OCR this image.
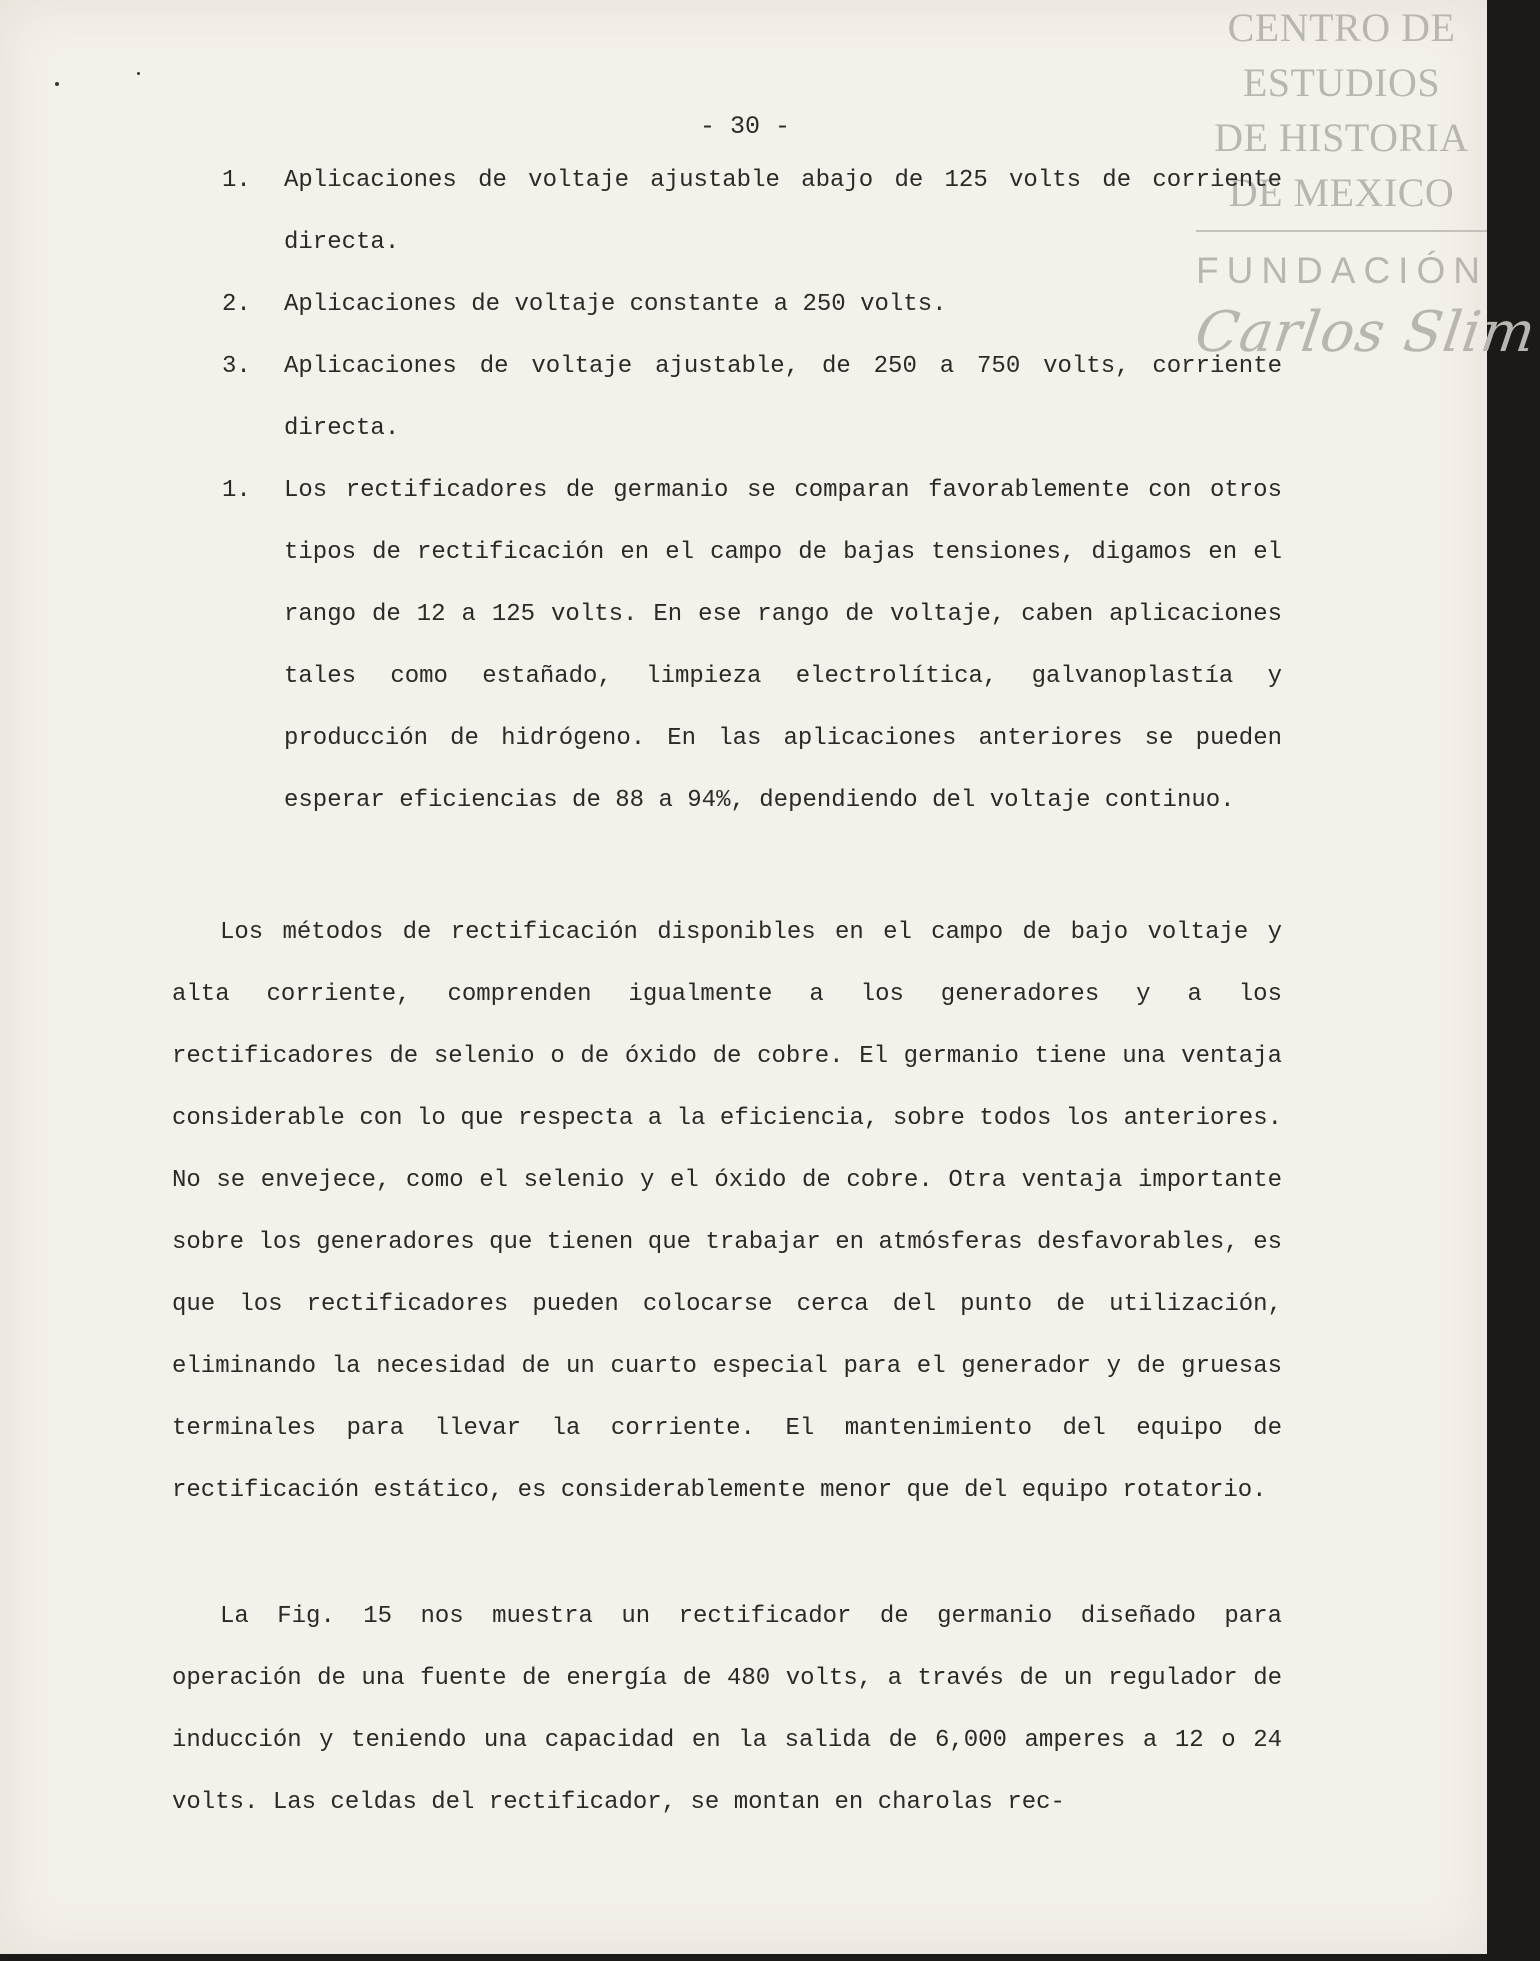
CENTRO DE
ESTUDIOS
DE HISTORIA
DE MEXICO
FUNDACIÓN
Carlos Slim
- 30 -
1. Aplicaciones de voltaje ajustable abajo de 125 volts de corriente directa.
2. Aplicaciones de voltaje constante a 250 volts.
3. Aplicaciones de voltaje ajustable, de 250 a 750 volts, corriente directa.
1. Los rectificadores de germanio se comparan favorablemente con otros tipos de rectificación en el campo de bajas tensiones, digamos en el rango de 12 a 125 volts. En ese rango de voltaje, caben aplicaciones tales como estañado, limpieza electrolítica, galvanoplastía y producción de hidrógeno. En las aplicaciones anteriores se pueden esperar eficiencias de 88 a 94%, dependiendo del voltaje continuo.
Los métodos de rectificación disponibles en el campo de bajo voltaje y alta corriente, comprenden igualmente a los generadores y a los rectificadores de selenio o de óxido de cobre. El germanio tiene una ventaja considerable con lo que respecta a la eficiencia, sobre todos los anteriores. No se envejece, como el selenio y el óxido de cobre. Otra ventaja importante sobre los generadores que tienen que trabajar en atmósferas desfavorables, es que los rectificadores pueden colocarse cerca del punto de utilización, eliminando la necesidad de un cuarto especial para el generador y de gruesas terminales para llevar la corriente. El mantenimiento del equipo de rectificación estático, es considerablemente menor que del equipo rotatorio.
La Fig. 15 nos muestra un rectificador de germanio diseñado para operación de una fuente de energía de 480 volts, a través de un regulador de inducción y teniendo una capacidad en la salida de 6,000 amperes a 12 o 24 volts. Las celdas del rectificador, se montan en charolas rec-
